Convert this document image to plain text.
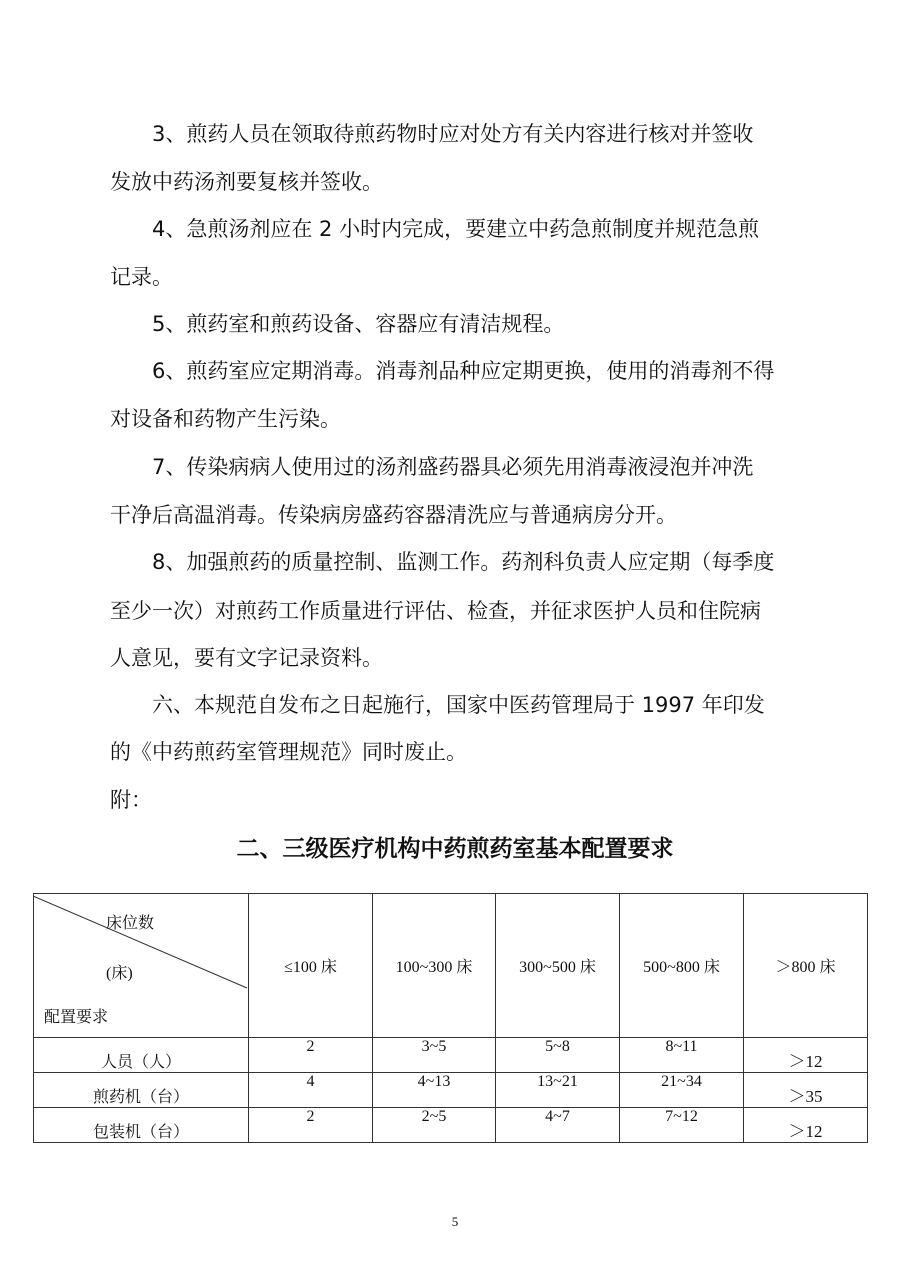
3、煎药人员在领取待煎药物时应对处方有关内容进行核对并签收
发放中药汤剂要复核并签收。
4、急煎汤剂应在 2 小时内完成，要建立中药急煎制度并规范急煎
记录。
5、煎药室和煎药设备、容器应有清洁规程。
6、煎药室应定期消毒。消毒剂品种应定期更换，使用的消毒剂不得
对设备和药物产生污染。
7、传染病病人使用过的汤剂盛药器具必须先用消毒液浸泡并冲洗
干净后高温消毒。传染病房盛药容器清洗应与普通病房分开。
8、加强煎药的质量控制、监测工作。药剂科负责人应定期（每季度
至少一次）对煎药工作质量进行评估、检查，并征求医护人员和住院病
人意见，要有文字记录资料。
六、本规范自发布之日起施行，国家中医药管理局于 1997 年印发
的《中药煎药室管理规范》同时废止。
附：
二、三级医疗机构中药煎药室基本配置要求
床位数
(床)
配置要求	≤100 床	100~300 床	300~500 床	500~800 床	＞800 床
人员（人）	2	3~5	5~8	8~11	＞12
煎药机（台）	4	4~13	13~21	21~34	＞35
包装机（台）	2	2~5	4~7	7~12	＞12
5
